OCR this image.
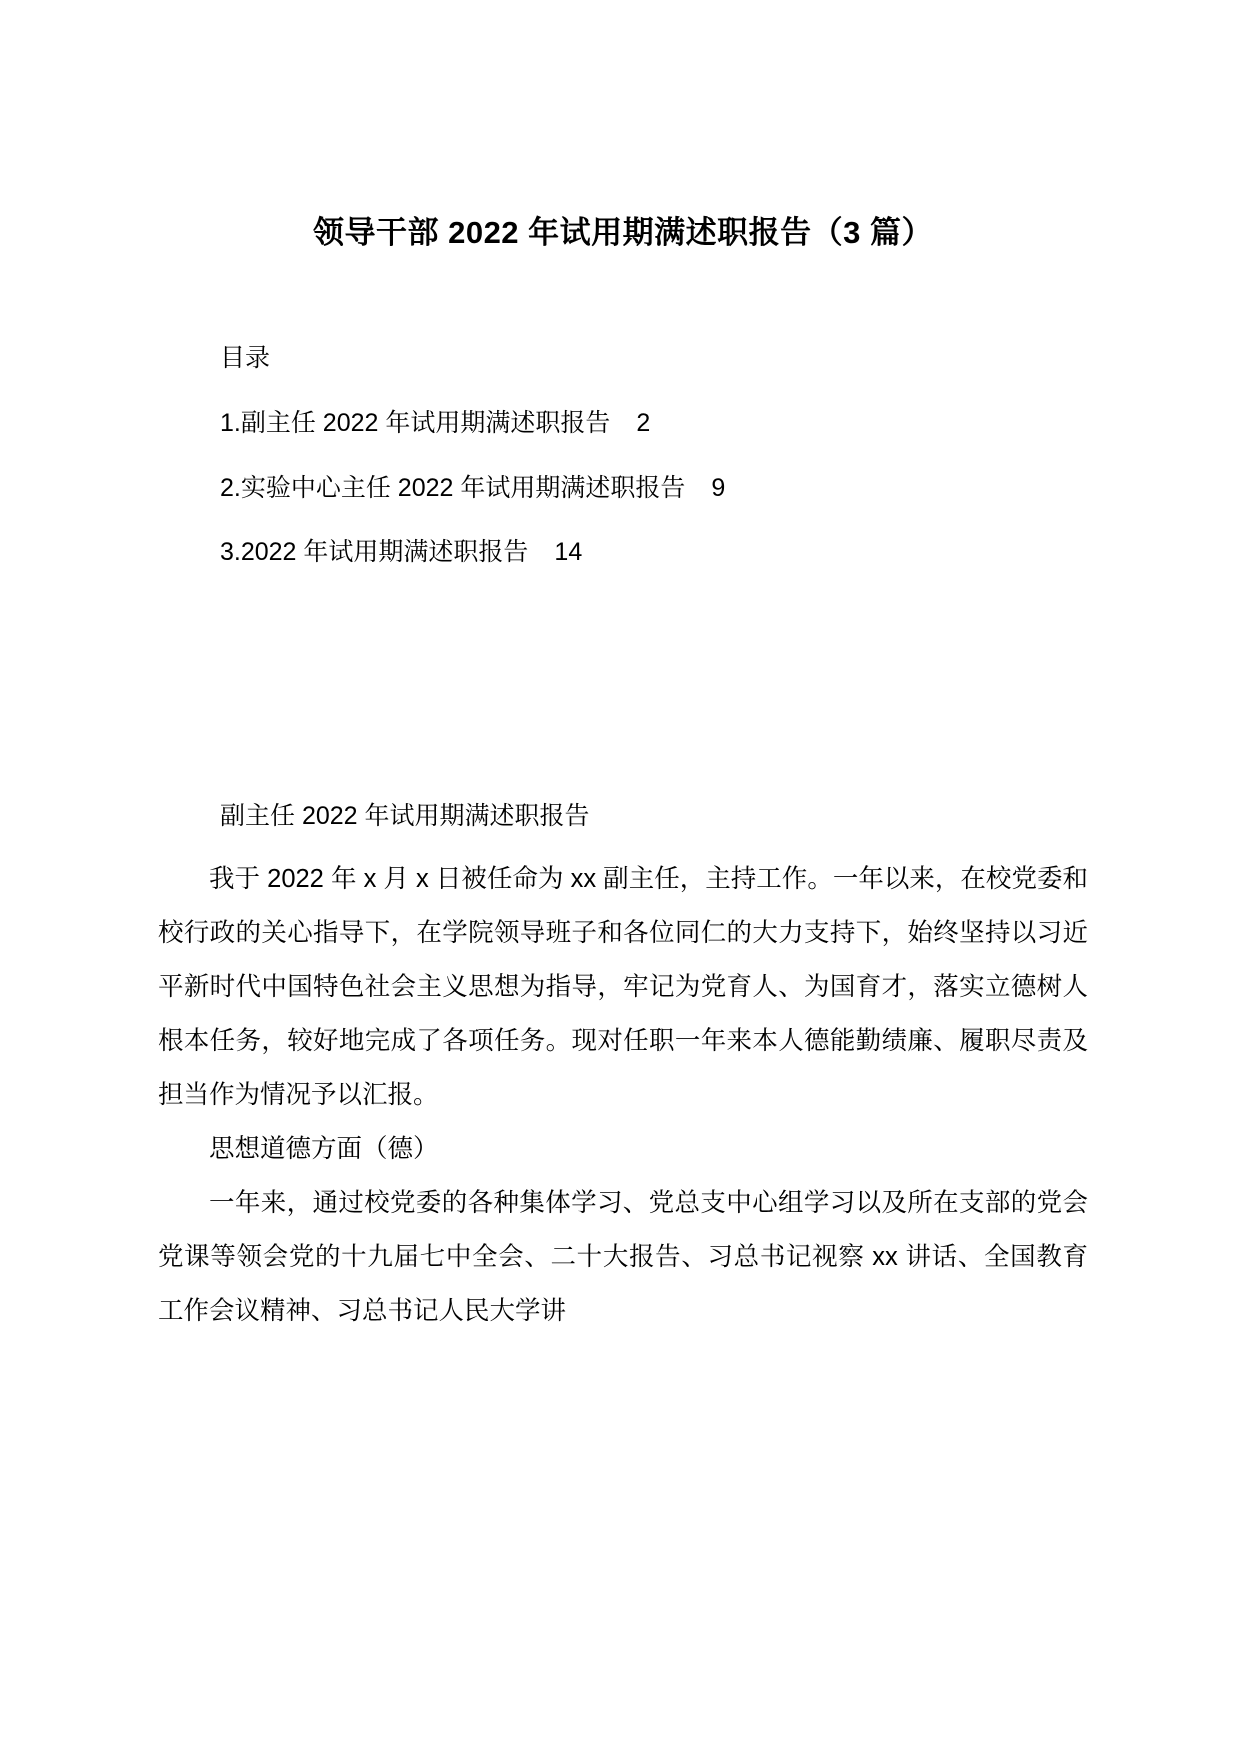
领导干部 2022 年试用期满述职报告（3 篇）
目录
1.副主任 2022 年试用期满述职报告 2
2.实验中心主任 2022 年试用期满述职报告 9
3.2022 年试用期满述职报告 14
副主任 2022 年试用期满述职报告

我于 2022 年 x 月 x 日被任命为 xx 副主任，主持工作。一年以来，在校党委和校行政的关心指导下，在学院领导班子和各位同仁的大力支持下，始终坚持以习近平新时代中国特色社会主义思想为指导，牢记为党育人、为国育才，落实立德树人根本任务，较好地完成了各项任务。现对任职一年来本人德能勤绩廉、履职尽责及担当作为情况予以汇报。

思想道德方面（德）

一年来，通过校党委的各种集体学习、党总支中心组学习以及所在支部的党会党课等领会党的十九届七中全会、二十大报告、习总书记视察 xx 讲话、全国教育工作会议精神、习总书记人民大学讲
